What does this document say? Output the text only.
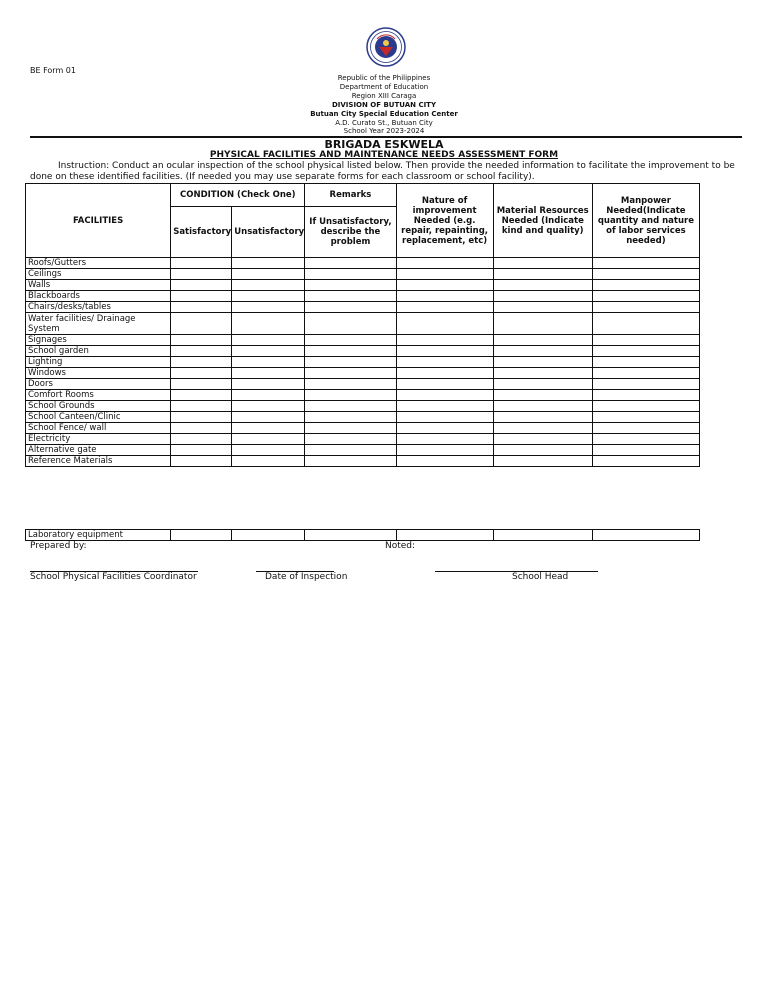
BE Form 01
Republic of the Philippines
Department of Education
Region XIII Caraga
DIVISION OF BUTUAN CITY
Butuan City Special Education Center
A.D. Curato St., Butuan City
School Year 2023-2024
BRIGADA ESKWELA
PHYSICAL FACILITIES AND MAINTENANCE NEEDS ASSESSMENT FORM
Instruction: Conduct an ocular inspection of the school physical listed below. Then provide the needed information to facilitate the improvement to be done on these identified facilities. (If needed you may use separate forms for each classroom or school facility).
FACILITIES	CONDITION (Check One)		Remarks	Nature of improvement Needed (e.g. repair, repainting, replacement, etc)	Material Resources Needed (Indicate kind and quality)	Manpower Needed(Indicate quantity and nature of labor services needed)
	Satisfactory	Unsatisfactory	If Unsatisfactory, describe the problem			
Roofs/Gutters						
Ceilings						
Walls						
Blackboards						
Chairs/desks/tables						
Water facilities/ Drainage System						
Signages						
School garden						
Lighting						
Windows						
Doors						
Comfort Rooms						
School Grounds						
School Canteen/Clinic						
School Fence/ wall						
Electricity						
Alternative gate						
Reference Materials						
Laboratory equipment						
Prepared by:	Noted:
School Physical Facilities Coordinator	Date of Inspection	School Head
